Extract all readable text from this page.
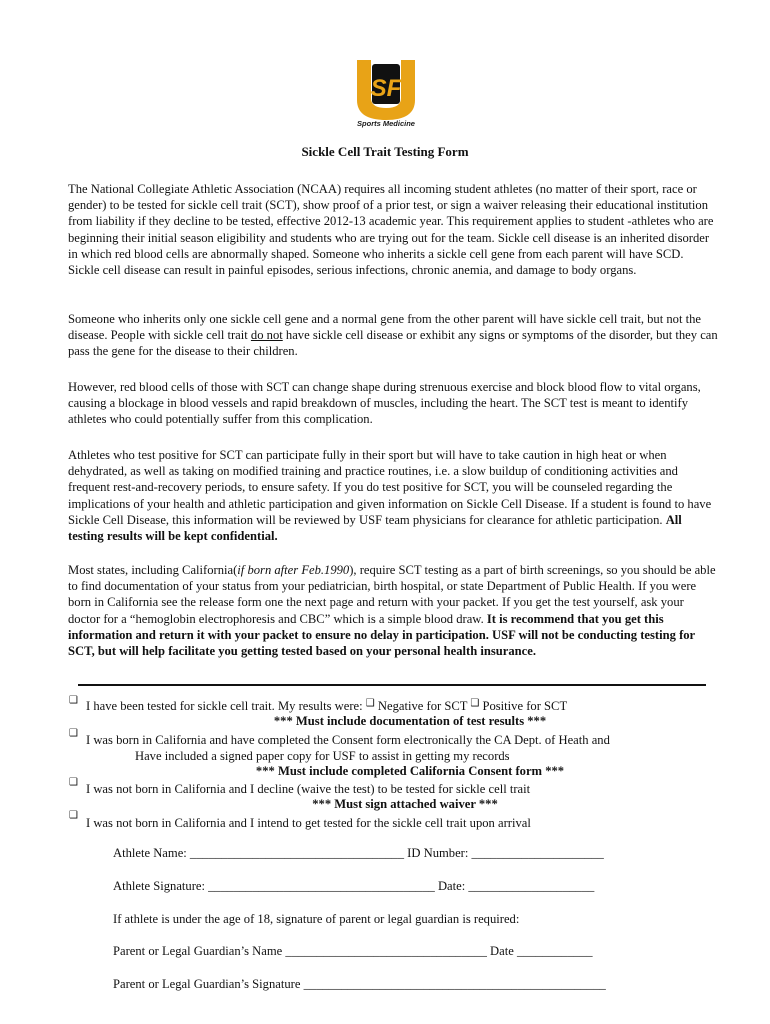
SF
Sports Medicine
Sickle Cell Trait Testing Form

The National Collegiate Athletic Association (NCAA) requires all incoming student athletes (no matter of their sport, race or gender) to be tested for sickle cell trait (SCT), show proof of a prior test, or sign a waiver releasing their educational institution from liability if they decline to be tested, effective 2012-13 academic year. This requirement applies to student -athletes who are beginning their initial season eligibility and students who are trying out for the team. Sickle cell disease is an inherited disorder in which red blood cells are abnormally shaped. Someone who inherits a sickle cell gene from each parent will have SCD. Sickle cell disease can result in painful episodes, serious infections, chronic anemia, and damage to body organs.

Someone who inherits only one sickle cell gene and a normal gene from the other parent will have sickle cell trait, but not the disease. People with sickle cell trait do not have sickle cell disease or exhibit any signs or symptoms of the disorder, but they can pass the gene for the disease to their children.

However, red blood cells of those with SCT can change shape during strenuous exercise and block blood flow to vital organs, causing a blockage in blood vessels and rapid breakdown of muscles, including the heart. The SCT test is meant to identify athletes who could potentially suffer from this complication.

Athletes who test positive for SCT can participate fully in their sport but will have to take caution in high heat or when dehydrated, as well as taking on modified training and practice routines, i.e. a slow buildup of conditioning activities and frequent rest-and-recovery periods, to ensure safety. If you do test positive for SCT, you will be counseled regarding the implications of your health and athletic participation and given information on Sickle Cell Disease. If a student is found to have Sickle Cell Disease, this information will be reviewed by USF team physicians for clearance for athletic participation. All testing results will be kept confidential.

Most states, including California(if born after Feb.1990), require SCT testing as a part of birth screenings, so you should be able to find documentation of your status from your pediatrician, birth hospital, or state Department of Public Health. If you were born in California see the release form one the next page and return with your packet. If you get the test yourself, ask your doctor for a “hemoglobin electrophoresis and CBC” which is a simple blood draw. It is recommend that you get this information and return it with your packet to ensure no delay in participation. USF will not be conducting testing for SCT, but will help facilitate you getting tested based on your personal health insurance.

❑ I have been tested for sickle cell trait. My results were: ❑ Negative for SCT ❑ Positive for SCT
*** Must include documentation of test results ***
❑ I was born in California and have completed the Consent form electronically the CA Dept. of Heath and
Have included a signed paper copy for USF to assist in getting my records
*** Must include completed California Consent form ***
❑ I was not born in California and I decline (waive the test) to be tested for sickle cell trait
*** Must sign attached waiver ***
❑
I was not born in California and I intend to get tested for the sickle cell trait upon arrival
Athlete Name: __________________________________ ID Number: _____________________
Athlete Signature: ____________________________________ Date: ____________________
If athlete is under the age of 18, signature of parent or legal guardian is required:
Parent or Legal Guardian’s Name ________________________________ Date ____________
Parent or Legal Guardian’s Signature ________________________________________________
